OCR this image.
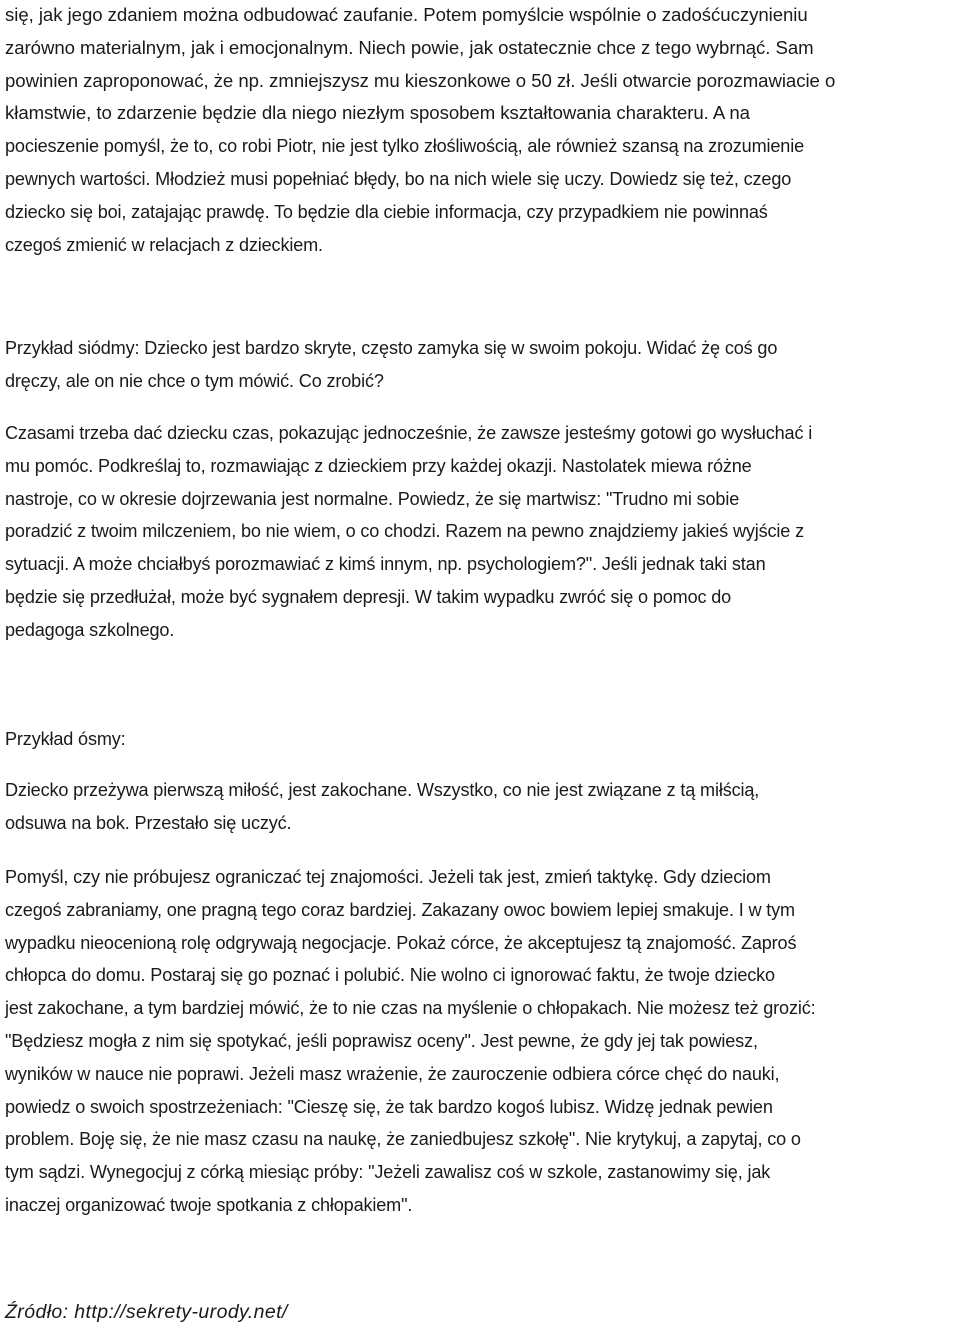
się, jak jego zdaniem można odbudować zaufanie. Potem pomyślcie wspólnie o zadośćuczynieniu
zarówno materialnym, jak i emocjonalnym. Niech powie, jak ostatecznie chce z tego wybrnąć. Sam
powinien zaproponować, że np. zmniejszysz mu kieszonkowe o 50 zł. Jeśli otwarcie porozmawiacie o
kłamstwie, to zdarzenie będzie dla niego niezłym sposobem kształtowania charakteru. A na
pocieszenie pomyśl, że to, co robi Piotr, nie jest tylko złośliwością, ale również szansą na zrozumienie
pewnych wartości. Młodzież musi popełniać błędy, bo na nich wiele się uczy. Dowiedz się też, czego
dziecko się boi, zatajając prawdę. To będzie dla ciebie informacja, czy przypadkiem nie powinnaś
czegoś zmienić w relacjach z dzieckiem.
Przykład siódmy: Dziecko jest bardzo skryte, często zamyka się w swoim pokoju. Widać żę coś go
dręczy, ale on nie chce o tym mówić. Co zrobić?
Czasami trzeba dać dziecku czas, pokazując jednocześnie, że zawsze jesteśmy gotowi go wysłuchać i
mu pomóc. Podkreślaj to, rozmawiając z dzieckiem przy każdej okazji. Nastolatek miewa różne
nastroje, co w okresie dojrzewania jest normalne. Powiedz, że się martwisz: "Trudno mi sobie
poradzić z twoim milczeniem, bo nie wiem, o co chodzi. Razem na pewno znajdziemy jakieś wyjście z
sytuacji. A może chciałbyś porozmawiać z kimś innym, np. psychologiem?". Jeśli jednak taki stan
będzie się przedłużał, może być sygnałem depresji. W takim wypadku zwróć się o pomoc do
pedagoga szkolnego.
Przykład ósmy:
Dziecko przeżywa pierwszą miłość, jest zakochane. Wszystko, co nie jest związane z tą miłścią,
odsuwa na bok. Przestało się uczyć.
Pomyśl, czy nie próbujesz ograniczać tej znajomości. Jeżeli tak jest, zmień taktykę. Gdy dzieciom
czegoś zabraniamy, one pragną tego coraz bardziej. Zakazany owoc bowiem lepiej smakuje. I w tym
wypadku nieocenioną rolę odgrywają negocjacje. Pokaż córce, że akceptujesz tą znajomość. Zaproś
chłopca do domu. Postaraj się go poznać i polubić. Nie wolno ci ignorować faktu, że twoje dziecko
jest zakochane, a tym bardziej mówić, że to nie czas na myślenie o chłopakach. Nie możesz też grozić:
"Będziesz mogła z nim się spotykać, jeśli poprawisz oceny". Jest pewne, że gdy jej tak powiesz,
wyników w nauce nie poprawi. Jeżeli masz wrażenie, że zauroczenie odbiera córce chęć do nauki,
powiedz o swoich spostrzeżeniach: "Cieszę się, że tak bardzo kogoś lubisz. Widzę jednak pewien
problem. Boję się, że nie masz czasu na naukę, że zaniedbujesz szkołę". Nie krytykuj, a zapytaj, co o
tym sądzi. Wynegocjuj z córką miesiąc próby: "Jeżeli zawalisz coś w szkole, zastanowimy się, jak
inaczej organizować twoje spotkania z chłopakiem".
Źródło: http://sekrety-urody.net/
